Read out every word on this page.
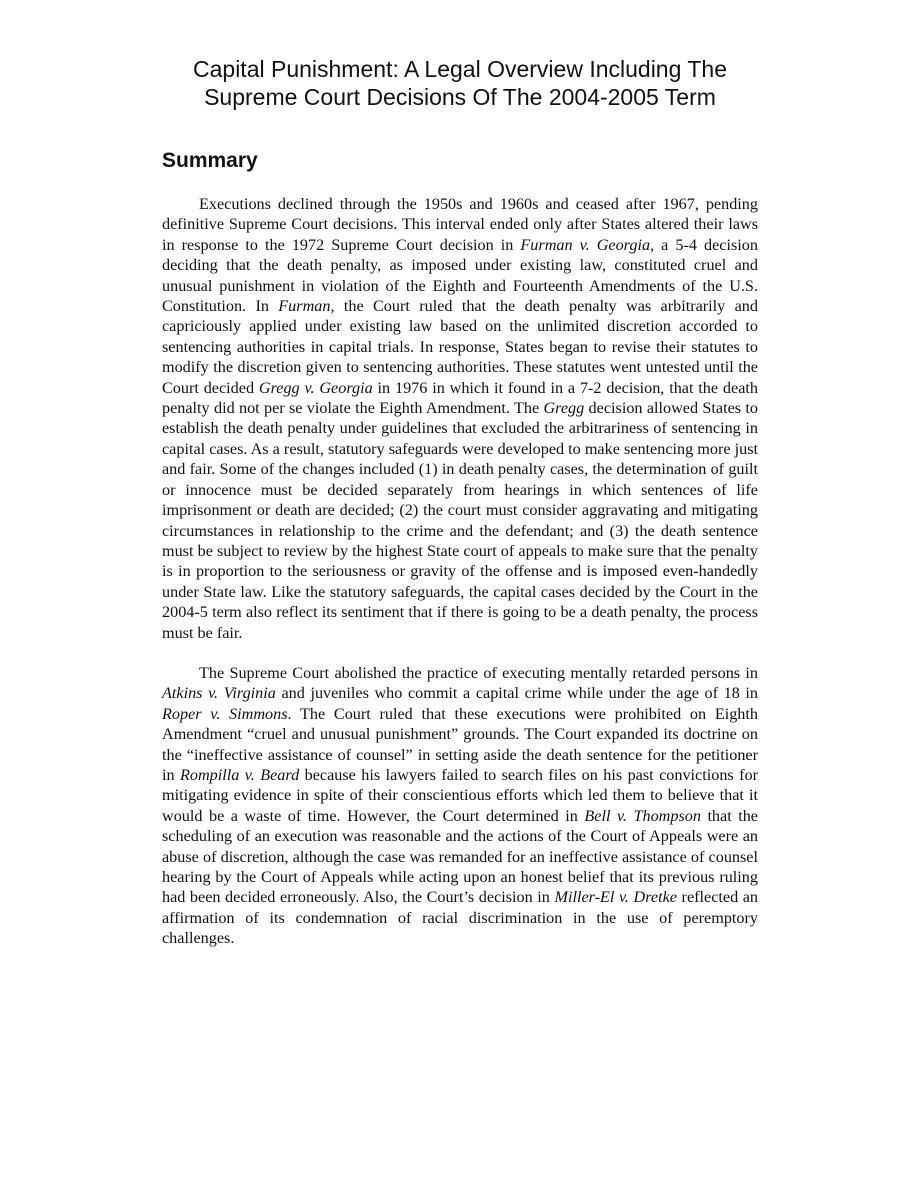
Capital Punishment: A Legal Overview Including The
Supreme Court Decisions Of The 2004-2005 Term
Summary

Executions declined through the 1950s and 1960s and ceased after 1967, pending definitive Supreme Court decisions. This interval ended only after States altered their laws in response to the 1972 Supreme Court decision in Furman v. Georgia, a 5-4 decision deciding that the death penalty, as imposed under existing law, constituted cruel and unusual punishment in violation of the Eighth and Fourteenth Amendments of the U.S. Constitution. In Furman, the Court ruled that the death penalty was arbitrarily and capriciously applied under existing law based on the unlimited discretion accorded to sentencing authorities in capital trials. In response, States began to revise their statutes to modify the discretion given to sentencing authorities. These statutes went untested until the Court decided Gregg v. Georgia in 1976 in which it found in a 7-2 decision, that the death penalty did not per se violate the Eighth Amendment. The Gregg decision allowed States to establish the death penalty under guidelines that excluded the arbitrariness of sentencing in capital cases. As a result, statutory safeguards were developed to make sentencing more just and fair. Some of the changes included (1) in death penalty cases, the determination of guilt or innocence must be decided separately from hearings in which sentences of life imprisonment or death are decided; (2) the court must consider aggravating and mitigating circumstances in relationship to the crime and the defendant; and (3) the death sentence must be subject to review by the highest State court of appeals to make sure that the penalty is in proportion to the seriousness or gravity of the offense and is imposed even-handedly under State law. Like the statutory safeguards, the capital cases decided by the Court in the 2004-5 term also reflect its sentiment that if there is going to be a death penalty, the process must be fair.

The Supreme Court abolished the practice of executing mentally retarded persons in Atkins v. Virginia and juveniles who commit a capital crime while under the age of 18 in Roper v. Simmons. The Court ruled that these executions were prohibited on Eighth Amendment “cruel and unusual punishment” grounds. The Court expanded its doctrine on the “ineffective assistance of counsel” in setting aside the death sentence for the petitioner in Rompilla v. Beard because his lawyers failed to search files on his past convictions for mitigating evidence in spite of their conscientious efforts which led them to believe that it would be a waste of time. However, the Court determined in Bell v. Thompson that the scheduling of an execution was reasonable and the actions of the Court of Appeals were an abuse of discretion, although the case was remanded for an ineffective assistance of counsel hearing by the Court of Appeals while acting upon an honest belief that its previous ruling had been decided erroneously. Also, the Court’s decision in Miller-El v. Dretke reflected an affirmation of its condemnation of racial discrimination in the use of peremptory challenges.
